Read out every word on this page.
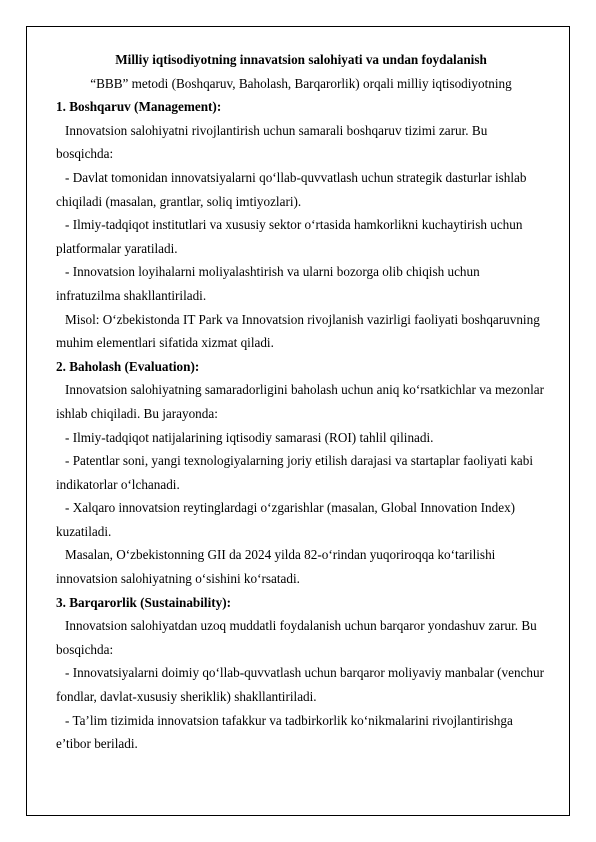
Milliy iqtisodiyotning innavatsion salohiyati va undan foydalanish

“BBB” metodi (Boshqaruv, Baholash, Barqarorlik) orqali milliy iqtisodiyotning

1. Boshqaruv (Management):

Innovatsion salohiyatni rivojlantirish uchun samarali boshqaruv tizimi zarur. Bu bosqichda:

- Davlat tomonidan innovatsiyalarni qo‘llab-quvvatlash uchun strategik dasturlar ishlab chiqiladi (masalan, grantlar, soliq imtiyozlari).

- Ilmiy-tadqiqot institutlari va xususiy sektor o‘rtasida hamkorlikni kuchaytirish uchun platformalar yaratiladi.

- Innovatsion loyihalarni moliyalashtirish va ularni bozorga olib chiqish uchun infratuzilma shakllantiriladi.

Misol: O‘zbekistonda IT Park va Innovatsion rivojlanish vazirligi faoliyati boshqaruvning muhim elementlari sifatida xizmat qiladi.

2. Baholash (Evaluation):

Innovatsion salohiyatning samaradorligini baholash uchun aniq ko‘rsatkichlar va mezonlar ishlab chiqiladi. Bu jarayonda:

- Ilmiy-tadqiqot natijalarining iqtisodiy samarasi (ROI) tahlil qilinadi.

- Patentlar soni, yangi texnologiyalarning joriy etilish darajasi va startaplar faoliyati kabi indikatorlar o‘lchanadi.

- Xalqaro innovatsion reytinglardagi o‘zgarishlar (masalan, Global Innovation Index) kuzatiladi.

Masalan, O‘zbekistonning GII da 2024 yilda 82-o‘rindan yuqoriroqqa ko‘tarilishi innovatsion salohiyatning o‘sishini ko‘rsatadi.

3. Barqarorlik (Sustainability):

Innovatsion salohiyatdan uzoq muddatli foydalanish uchun barqaror yondashuv zarur. Bu bosqichda:

- Innovatsiyalarni doimiy qo‘llab-quvvatlash uchun barqaror moliyaviy manbalar (venchur fondlar, davlat-xususiy sheriklik) shakllantiriladi.

- Ta’lim tizimida innovatsion tafakkur va tadbirkorlik ko‘nikmalarini rivojlantirishga e’tibor beriladi.
